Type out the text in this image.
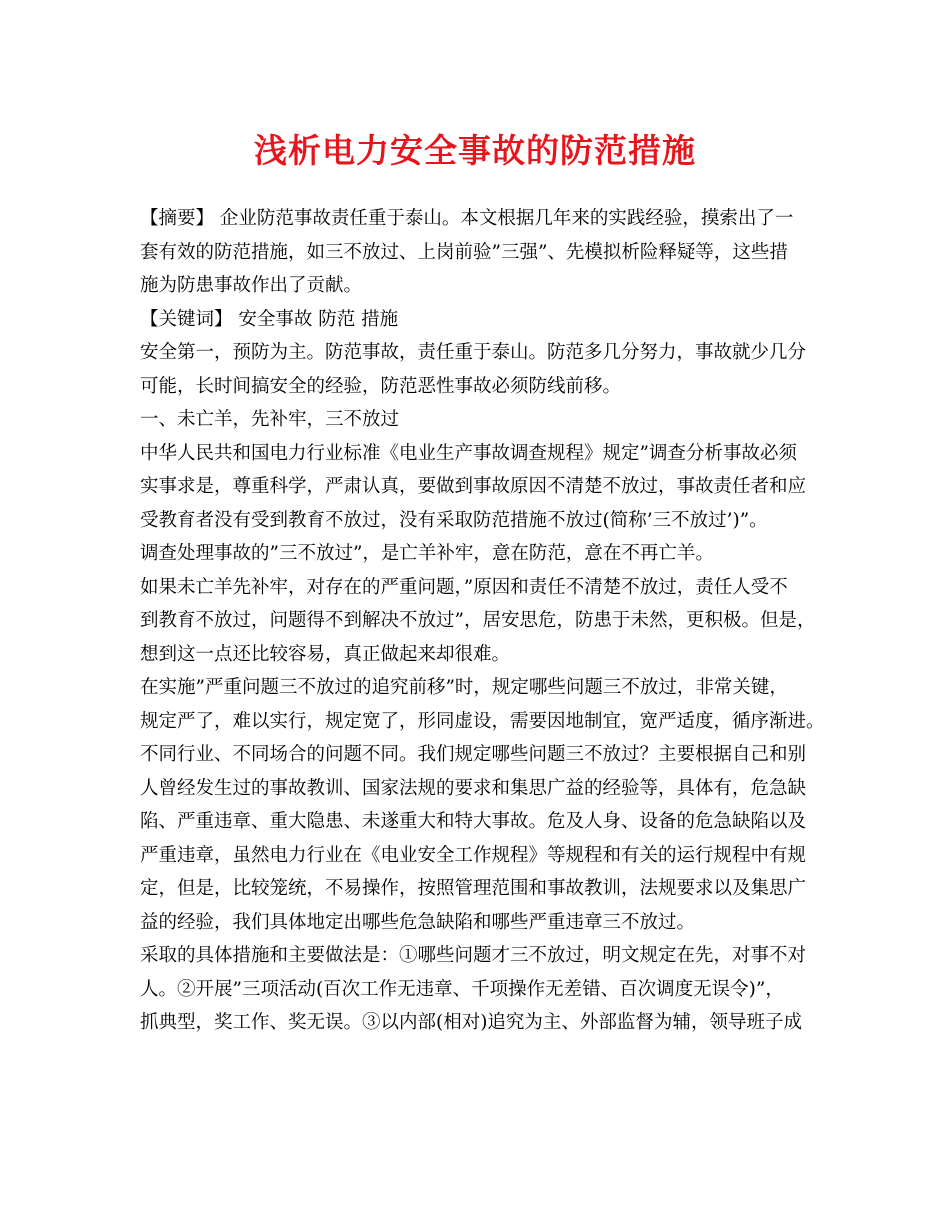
浅析电力安全事故的防范措施
【摘要】 企业防范事故责任重于泰山。本文根据几年来的实践经验，摸索出了一
套有效的防范措施，如三不放过、上岗前验”三强”、先模拟析险释疑等，这些措
施为防患事故作出了贡献。
【关键词】 安全事故 防范 措施
安全第一，预防为主。防范事故，责任重于泰山。防范多几分努力，事故就少几分
可能，长时间搞安全的经验，防范恶性事故必须防线前移。
一、未亡羊，先补牢，三不放过
中华人民共和国电力行业标准《电业生产事故调查规程》规定”调查分析事故必须
实事求是，尊重科学，严肃认真，要做到事故原因不清楚不放过，事故责任者和应
受教育者没有受到教育不放过，没有采取防范措施不放过(简称’三不放过’)”。
调查处理事故的”三不放过”，是亡羊补牢，意在防范，意在不再亡羊。
如果未亡羊先补牢，对存在的严重问题，”原因和责任不清楚不放过，责任人受不
到教育不放过，问题得不到解决不放过”，居安思危，防患于未然，更积极。但是，
想到这一点还比较容易，真正做起来却很难。
在实施”严重问题三不放过的追究前移”时，规定哪些问题三不放过，非常关键，
规定严了，难以实行，规定宽了，形同虚设，需要因地制宜，宽严适度，循序渐进。
不同行业、不同场合的问题不同。我们规定哪些问题三不放过？主要根据自己和别
人曾经发生过的事故教训、国家法规的要求和集思广益的经验等，具体有，危急缺
陷、严重违章、重大隐患、未遂重大和特大事故。危及人身、设备的危急缺陷以及
严重违章，虽然电力行业在《电业安全工作规程》等规程和有关的运行规程中有规
定，但是，比较笼统，不易操作，按照管理范围和事故教训，法规要求以及集思广
益的经验，我们具体地定出哪些危急缺陷和哪些严重违章三不放过。
采取的具体措施和主要做法是：①哪些问题才三不放过，明文规定在先，对事不对
人。②开展”三项活动(百次工作无违章、千项操作无差错、百次调度无误令)”，
抓典型，奖工作、奖无误。③以内部(相对)追究为主、外部监督为辅，领导班子成
